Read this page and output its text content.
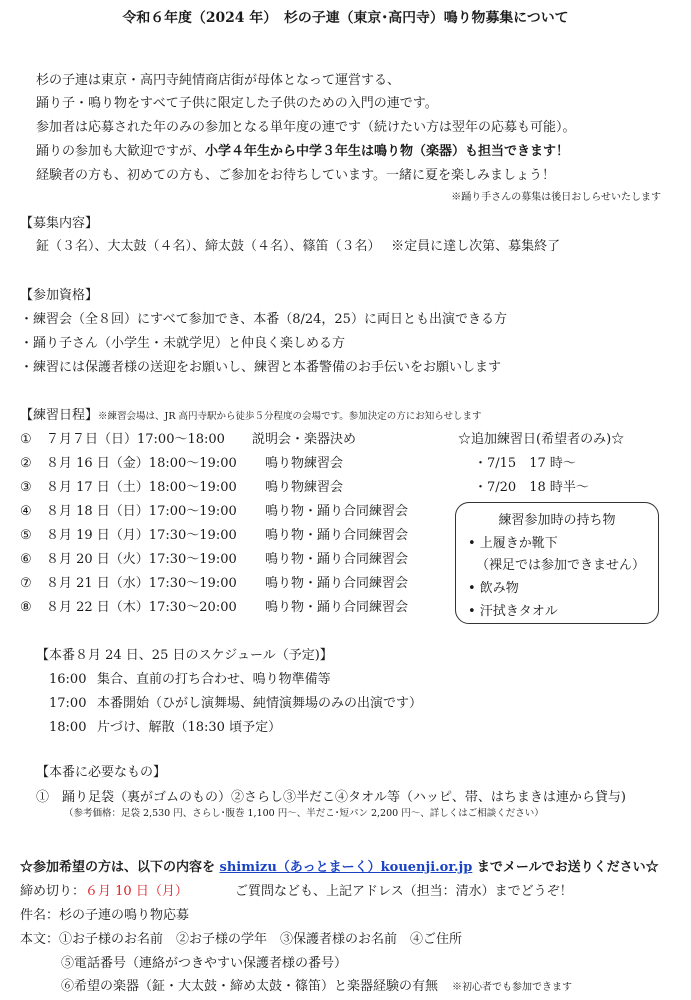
令和６年度（2024 年）　杉の子連（東京･高円寺）鳴り物募集について
杉の子連は東京・高円寺純情商店街が母体となって運営する、
踊り子・鳴り物をすべて子供に限定した子供のための入門の連です。
参加者は応募された年のみの参加となる単年度の連です（続けたい方は翌年の応募も可能）。
踊りの参加も大歓迎ですが、小学４年生から中学３年生は鳴り物（楽器）も担当できます！
経験者の方も、初めての方も、ご参加をお待ちしています。一緒に夏を楽しみましょう！
※踊り手さんの募集は後日おしらせいたします
【募集内容】
鉦（３名）、大太鼓（４名）、締太鼓（４名）、篠笛（３名）　 ※定員に達し次第、募集終了
【参加資格】
・練習会（全８回）にすべて参加でき、本番（8/24，25）に両日とも出演できる方
・踊り子さん（小学生・未就学児）と仲良く楽しめる方
・練習には保護者様の送迎をお願いし、練習と本番警備のお手伝いをお願いします
【練習日程】※練習会場は、JR 高円寺駅から徒歩５分程度の会場です。参加決定の方にお知らせします
① ７月７日（日）17:00～18:00 説明会・楽器決め
② ８月 16 日（金）18:00～19:00 鳴り物練習会
③ ８月 17 日（土）18:00～19:00 鳴り物練習会
④ ８月 18 日（日）17:00～19:00 鳴り物・踊り合同練習会
⑤ ８月 19 日（月）17:30～19:00 鳴り物・踊り合同練習会
⑥ ８月 20 日（火）17:30～19:00 鳴り物・踊り合同練習会
⑦ ８月 21 日（水）17:30～19:00 鳴り物・踊り合同練習会
⑧ ８月 22 日（木）17:30～20:00 鳴り物・踊り合同練習会
☆追加練習日(希望者のみ)☆
・7/15　17 時～
・7/20　18 時半～
練習参加時の持ち物
• 上履きか靴下
（裸足では参加できません）
• 飲み物
• 汗拭きタオル
【本番８月 24 日、25 日のスケジュール（予定)】
16:00 集合、直前の打ち合わせ、鳴り物準備等
17:00 本番開始（ひがし演舞場、純情演舞場のみの出演です）
18:00 片づけ、解散（18:30 頃予定）
【本番に必要なもの】
①　踊り足袋（裏がゴムのもの）②さらし③半だこ④タオル等（ハッピ、帯、はちまきは連から貸与)
（参考価格：足袋 2,530 円、さらし･腹巻 1,100 円～、半だこ･短パン 2,200 円～、詳しくはご相談ください）
☆参加希望の方は、以下の内容を shimizu（あっとまーく）kouenji.or.jp までメールでお送りください☆
締め切り：６月 10 日（月）	ご質問なども、上記アドレス（担当：清水）までどうぞ！
件名：杉の子連の鳴り物応募
本文：①お子様のお名前　②お子様の学年　③保護者様のお名前　④ご住所
⑤電話番号（連絡がつきやすい保護者様の番号）
⑥希望の楽器（鉦・大太鼓・締め太鼓・篠笛）と楽器経験の有無 ※初心者でも参加できます
